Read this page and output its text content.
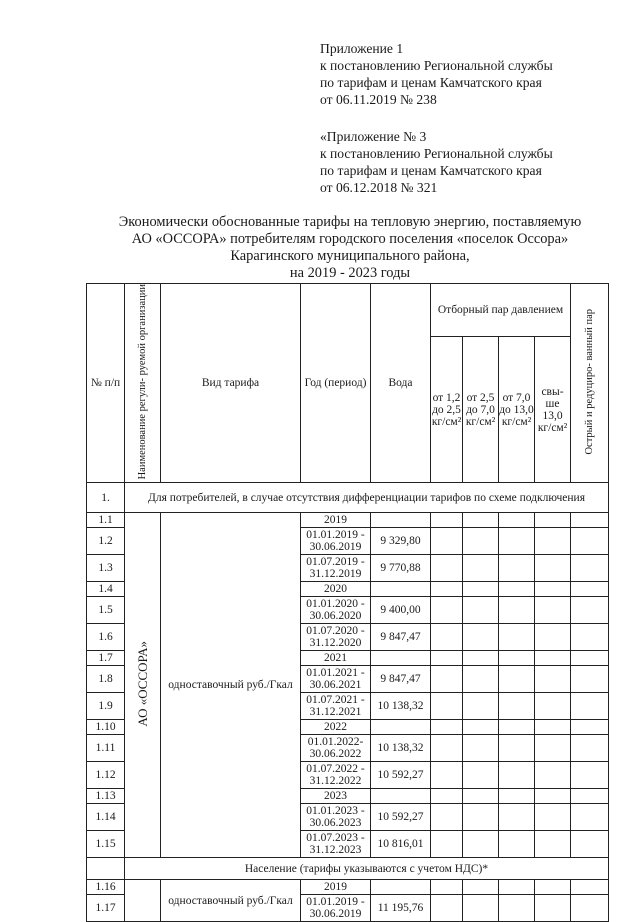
Приложение 1
к постановлению Региональной службы
по тарифам и ценам Камчатского края
от 06.11.2019 № 238
«Приложение № 3
к постановлению Региональной службы
по тарифам и ценам Камчатского края
от 06.12.2018 № 321
Экономически обоснованные тарифы на тепловую энергию, поставляемую
АО «ОССОРА» потребителям городского поселения «поселок Оссора»
Карагинского муниципального района,
на 2019 - 2023 годы
№ п/п	Наименование регули- руемой организации	Вид тарифа	Год (период)	Вода	Отборный пар давлением				Острый и редуциро- ванный пар
					от 1,2 до 2,5 кг/см²	от 2,5 до 7,0 кг/см²	от 7,0 до 13,0 кг/см²	свы- ше 13,0 кг/см²	
1.	Для потребителей, в случае отсутствия дифференциации тарифов по схеме подключения								
1.1	АО «ОССОРА»	одноставочный руб./Гкал	2019						
1.2			01.01.2019 - 30.06.2019	9 329,80					
1.3			01.07.2019 - 31.12.2019	9 770,88					
1.4			2020						
1.5			01.01.2020 - 30.06.2020	9 400,00					
1.6			01.07.2020 - 31.12.2020	9 847,47					
1.7			2021						
1.8			01.01.2021 - 30.06.2021	9 847,47					
1.9			01.07.2021 - 31.12.2021	10 138,32					
1.10			2022						
1.11			01.01.2022- 30.06.2022	10 138,32					
1.12			01.07.2022 - 31.12.2022	10 592,27					
1.13			2023						
1.14			01.01.2023 - 30.06.2023	10 592,27					
1.15			01.07.2023 - 31.12.2023	10 816,01					
	Население (тарифы указываются с учетом НДС)*								
1.16		одноставочный руб./Гкал	2019						
1.17			01.01.2019 - 30.06.2019	11 195,76					
